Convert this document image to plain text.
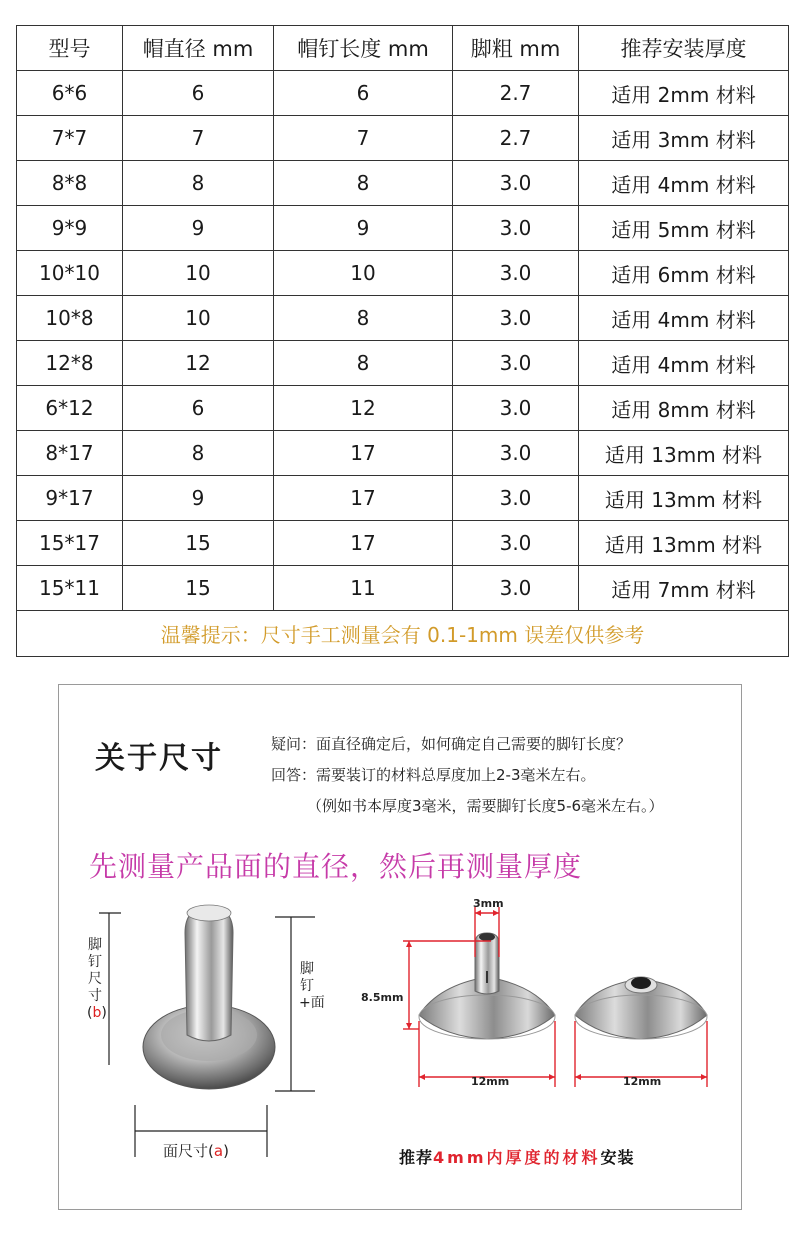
型号	帽直径 mm	帽钉长度 mm	脚粗 mm	推荐安装厚度
6*6	6	6	2.7	适用 2mm 材料
7*7	7	7	2.7	适用 3mm 材料
8*8	8	8	3.0	适用 4mm 材料
9*9	9	9	3.0	适用 5mm 材料
10*10	10	10	3.0	适用 6mm 材料
10*8	10	8	3.0	适用 4mm 材料
12*8	12	8	3.0	适用 4mm 材料
6*12	6	12	3.0	适用 8mm 材料
8*17	8	17	3.0	适用 13mm 材料
9*17	9	17	3.0	适用 13mm 材料
15*17	15	17	3.0	适用 13mm 材料
15*11	15	11	3.0	适用 7mm 材料
温馨提示：尺寸手工测量会有 0.1-1mm 误差仅供参考				
关于尺寸	疑问：面直径确定后，如何确定自己需要的脚钉长度？
回答：需要装订的材料总厚度加上2-3毫米左右。
（例如书本厚度3毫米，需要脚钉长度5-6毫米左右。）
先测量产品面的直径，然后再测量厚度
脚钉尺寸(b)
脚钉+面
面尺寸(a)
3mm
8.5mm
12mm	12mm
推荐4mm内厚度的材料安装
